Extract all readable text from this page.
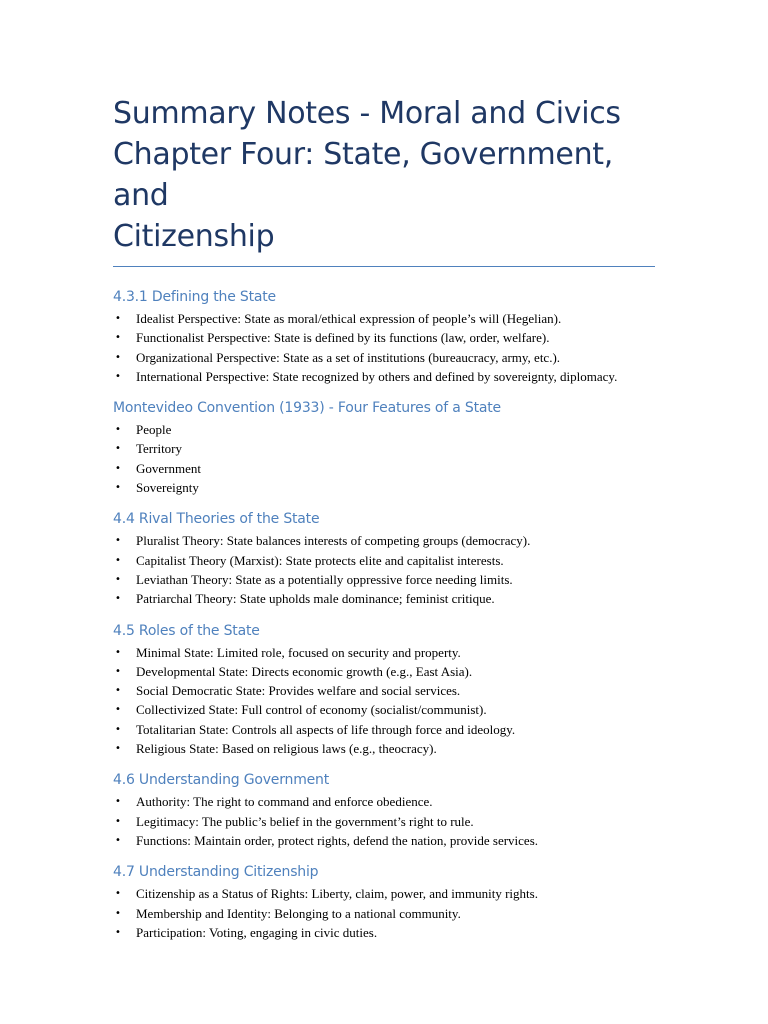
Summary Notes - Moral and Civics
Chapter Four: State, Government, and
Citizenship
4.3.1 Defining the State
• Idealist Perspective: State as moral/ethical expression of people’s will (Hegelian).
• Functionalist Perspective: State is defined by its functions (law, order, welfare).
• Organizational Perspective: State as a set of institutions (bureaucracy, army, etc.).
• International Perspective: State recognized by others and defined by sovereignty, diplomacy.
Montevideo Convention (1933) - Four Features of a State
• People
• Territory
• Government
• Sovereignty
4.4 Rival Theories of the State
• Pluralist Theory: State balances interests of competing groups (democracy).
• Capitalist Theory (Marxist): State protects elite and capitalist interests.
• Leviathan Theory: State as a potentially oppressive force needing limits.
• Patriarchal Theory: State upholds male dominance; feminist critique.
4.5 Roles of the State
• Minimal State: Limited role, focused on security and property.
• Developmental State: Directs economic growth (e.g., East Asia).
• Social Democratic State: Provides welfare and social services.
• Collectivized State: Full control of economy (socialist/communist).
• Totalitarian State: Controls all aspects of life through force and ideology.
• Religious State: Based on religious laws (e.g., theocracy).
4.6 Understanding Government
• Authority: The right to command and enforce obedience.
• Legitimacy: The public’s belief in the government’s right to rule.
• Functions: Maintain order, protect rights, defend the nation, provide services.
4.7 Understanding Citizenship
• Citizenship as a Status of Rights: Liberty, claim, power, and immunity rights.
• Membership and Identity: Belonging to a national community.
• Participation: Voting, engaging in civic duties.
